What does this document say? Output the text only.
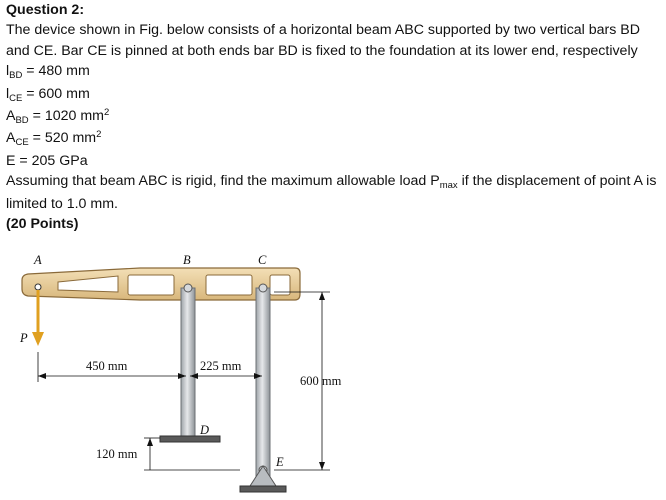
Question 2:
The device shown in Fig. below consists of a horizontal beam ABC supported by two vertical bars BD and CE. Bar CE is pinned at both ends bar BD is fixed to the foundation at its lower end, respectively
$l_{BD} = 480$ mm
$l_{CE} = 600$ mm
$A_{BD} = 1020$ $mm^2$
$A_{CE} = 520$ $mm^2$
E = 205 GPa
Assuming that beam ABC is rigid, find the maximum allowable load $P_{max}$ if the displacement of point A is limited to 1.0 mm.
(20 Points)
A	B	C
D
E
P
450 mm	225 mm
600 mm
120 mm
